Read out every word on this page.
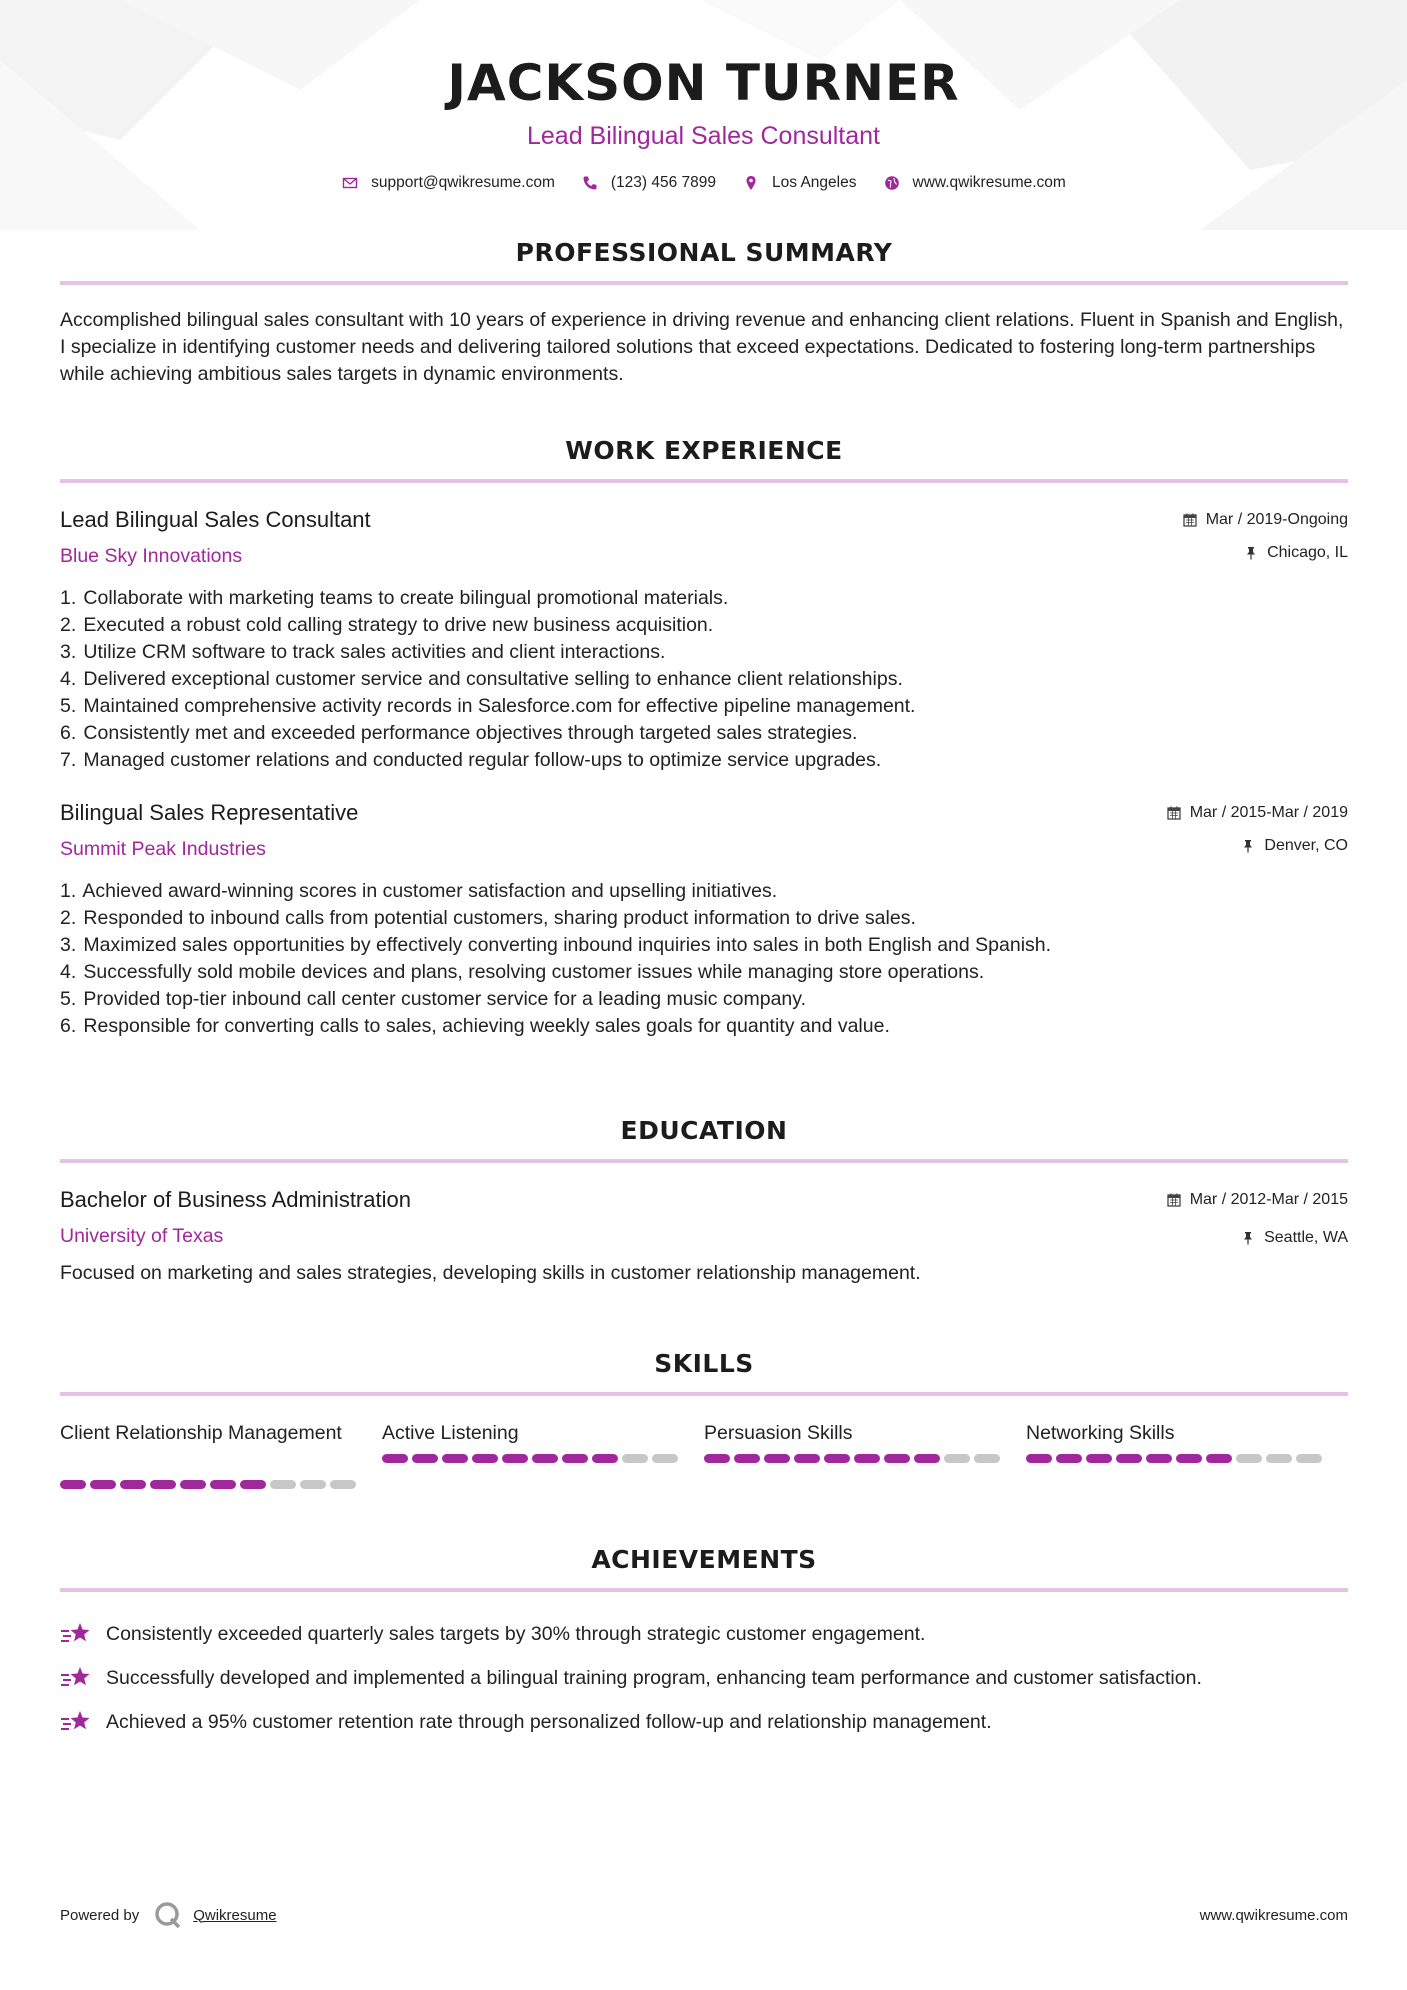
JACKSON TURNER
Lead Bilingual Sales Consultant
support@qwikresume.com	(123) 456 7899	Los Angeles	www.qwikresume.com
PROFESSIONAL SUMMARY
Accomplished bilingual sales consultant with 10 years of experience in driving revenue and enhancing client relations. Fluent in Spanish and English, I specialize in identifying customer needs and delivering tailored solutions that exceed expectations. Dedicated to fostering long-term partnerships while achieving ambitious sales targets in dynamic environments.
WORK EXPERIENCE
Lead Bilingual Sales Consultant
Blue Sky Innovations
Mar / 2019-Ongoing
Chicago, IL
1. Collaborate with marketing teams to create bilingual promotional materials.
2. Executed a robust cold calling strategy to drive new business acquisition.
3. Utilize CRM software to track sales activities and client interactions.
4. Delivered exceptional customer service and consultative selling to enhance client relationships.
5. Maintained comprehensive activity records in Salesforce.com for effective pipeline management.
6. Consistently met and exceeded performance objectives through targeted sales strategies.
7. Managed customer relations and conducted regular follow-ups to optimize service upgrades.
Bilingual Sales Representative
Summit Peak Industries
Mar / 2015-Mar / 2019
Denver, CO
1. Achieved award-winning scores in customer satisfaction and upselling initiatives.
2. Responded to inbound calls from potential customers, sharing product information to drive sales.
3. Maximized sales opportunities by effectively converting inbound inquiries into sales in both English and Spanish.
4. Successfully sold mobile devices and plans, resolving customer issues while managing store operations.
5. Provided top-tier inbound call center customer service for a leading music company.
6. Responsible for converting calls to sales, achieving weekly sales goals for quantity and value.
EDUCATION
Bachelor of Business Administration
University of Texas
Mar / 2012-Mar / 2015
Seattle, WA
Focused on marketing and sales strategies, developing skills in customer relationship management.
SKILLS
Client Relationship Management	Active Listening	Persuasion Skills	Networking Skills
ACHIEVEMENTS
Consistently exceeded quarterly sales targets by 30% through strategic customer engagement.
Successfully developed and implemented a bilingual training program, enhancing team performance and customer satisfaction.
Achieved a 95% customer retention rate through personalized follow-up and relationship management.
Powered by	Qwikresume	www.qwikresume.com
